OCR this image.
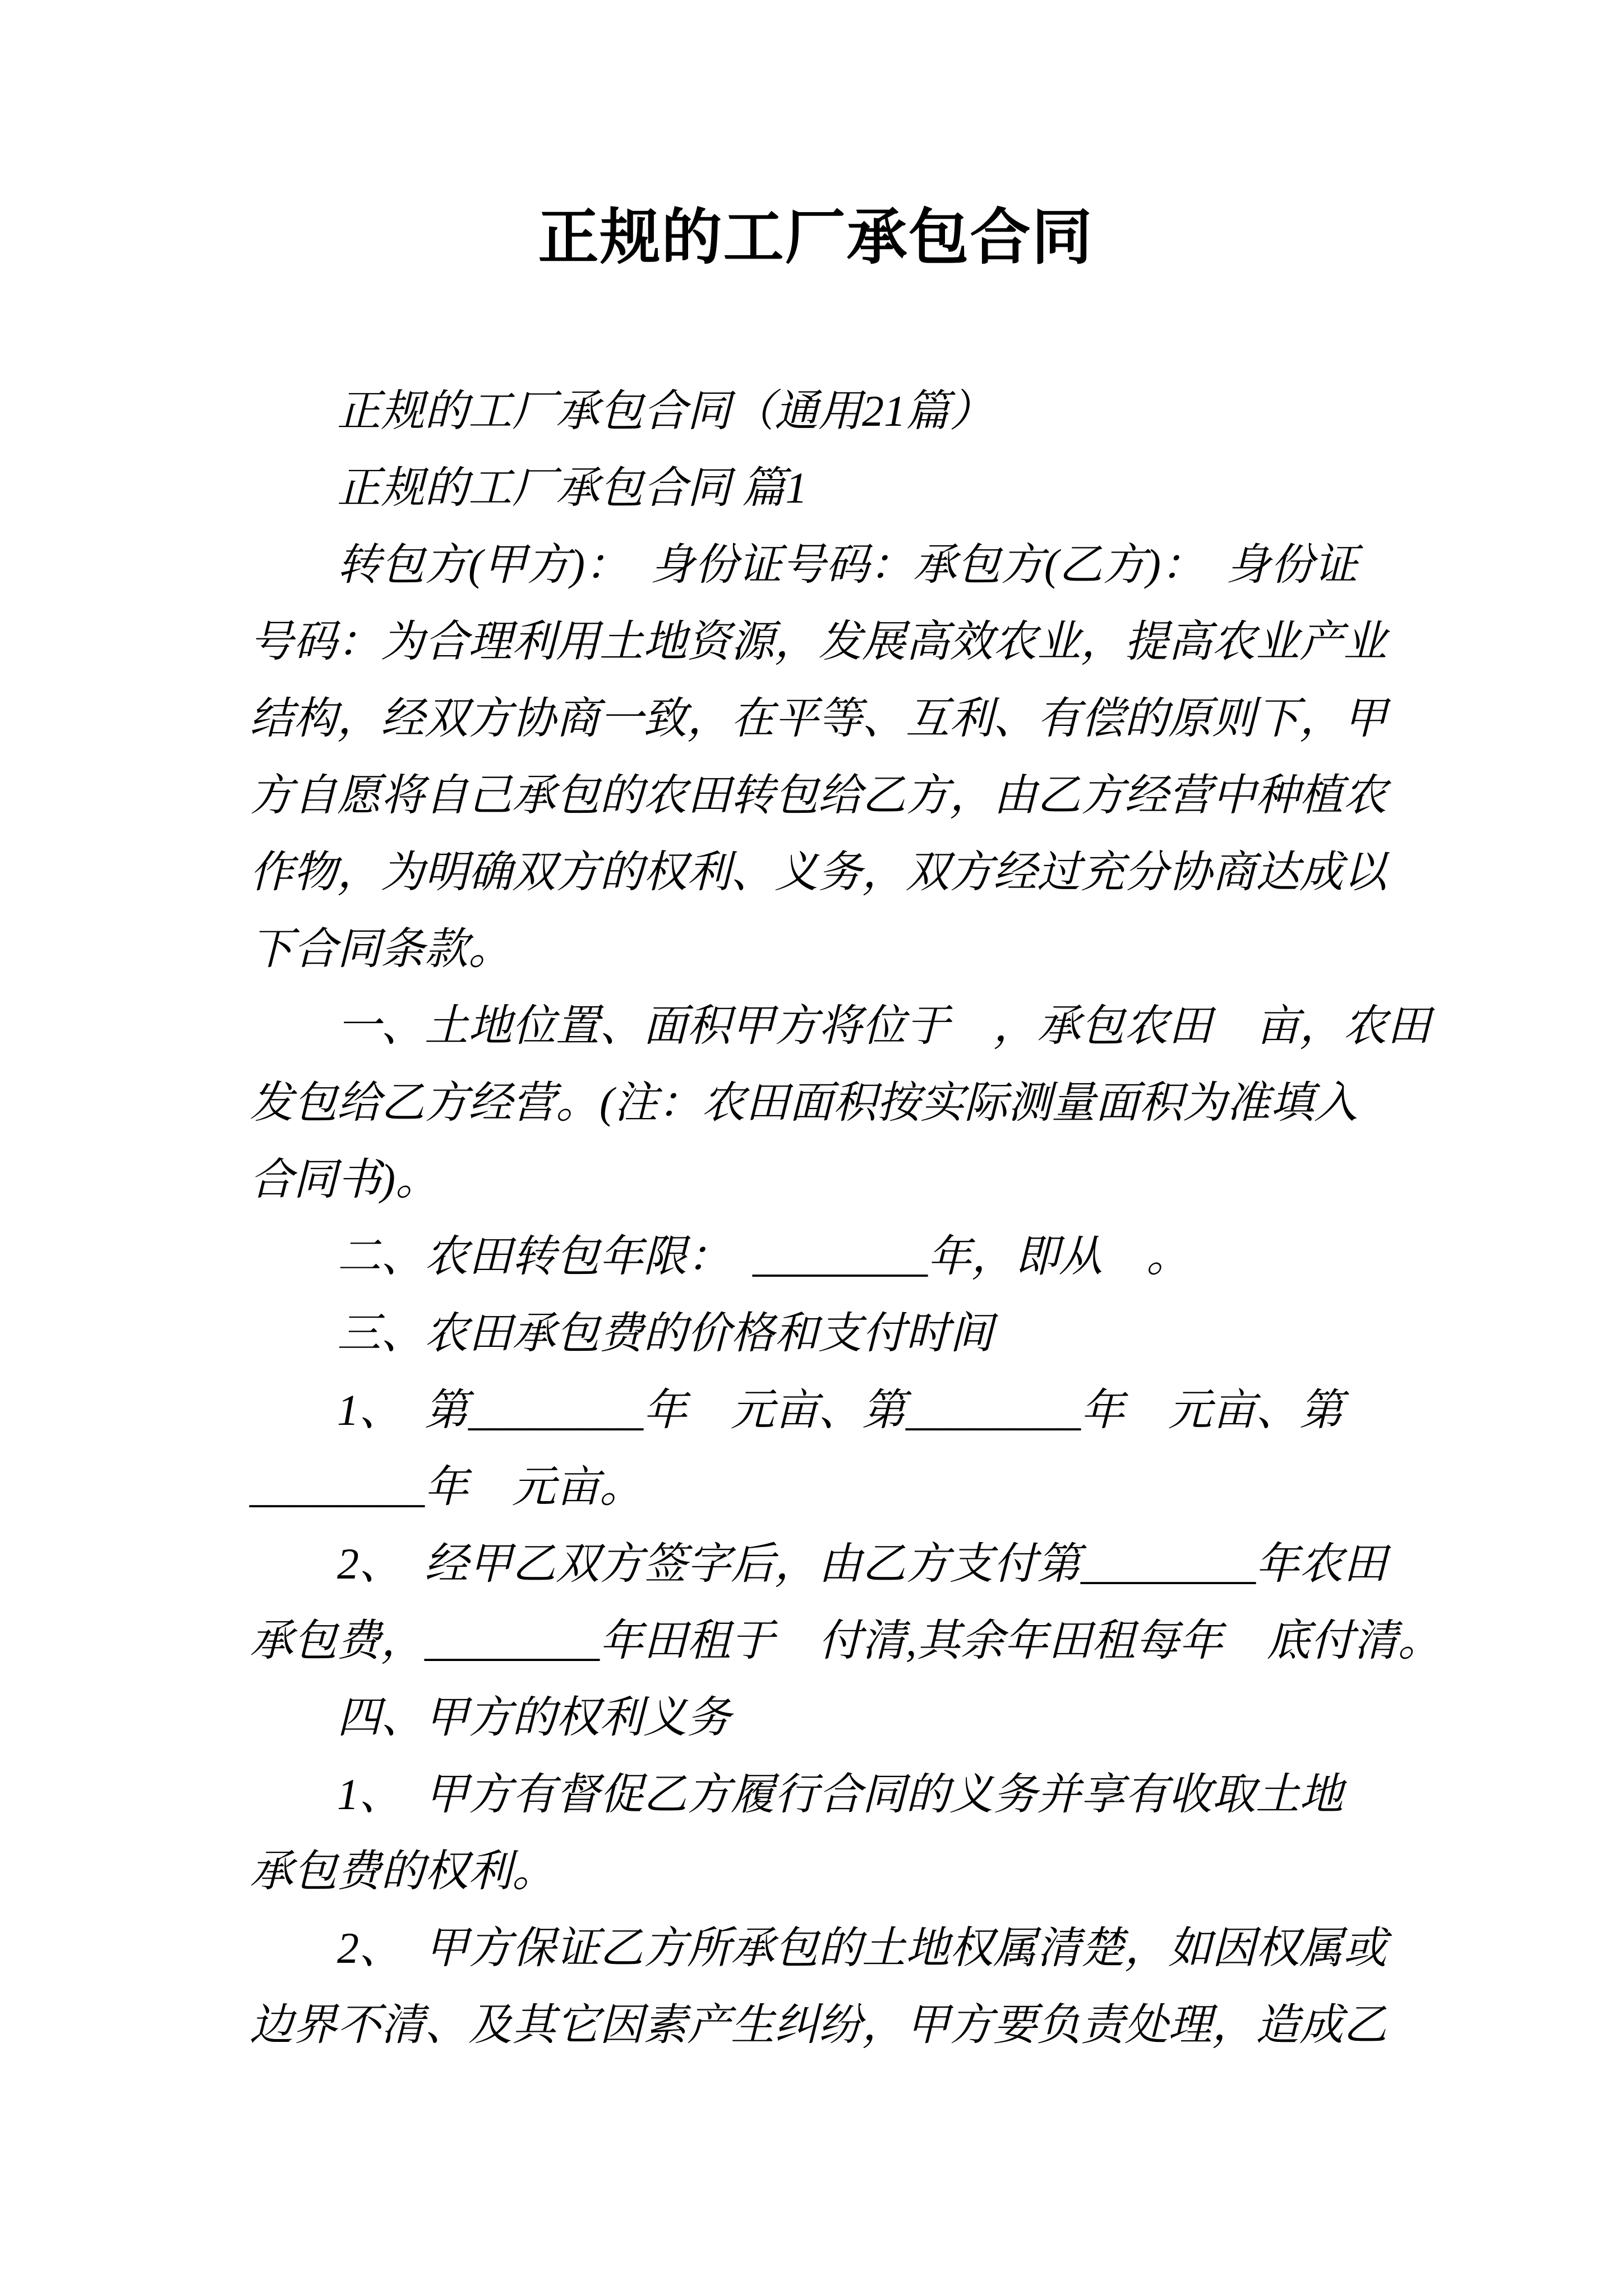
正规的工厂承包合同
正规的工厂承包合同（通用21篇）
正规的工厂承包合同 篇1
转包方(甲方)：　身份证号码：承包方(乙方)：　身份证
号码：为合理利用土地资源，发展高效农业，提高农业产业
结构，经双方协商一致，在平等、互利、有偿的原则下，甲
方自愿将自己承包的农田转包给乙方，由乙方经营中种植农
作物，为明确双方的权利、义务，双方经过充分协商达成以
下合同条款。
一、土地位置、面积甲方将位于　，承包农田　亩，农田
发包给乙方经营。(注：农田面积按实际测量面积为准填入
合同书)。
二、农田转包年限：　________年，即从　。
三、农田承包费的价格和支付时间
1、　第________年　元亩、第________年　元亩、第
________年　元亩。
2、　经甲乙双方签字后，由乙方支付第________年农田
承包费，________年田租于　付清,其余年田租每年　底付清。
四、甲方的权利义务
1、　甲方有督促乙方履行合同的义务并享有收取土地
承包费的权利。
2、　甲方保证乙方所承包的土地权属清楚，如因权属或
边界不清、及其它因素产生纠纷，甲方要负责处理，造成乙
